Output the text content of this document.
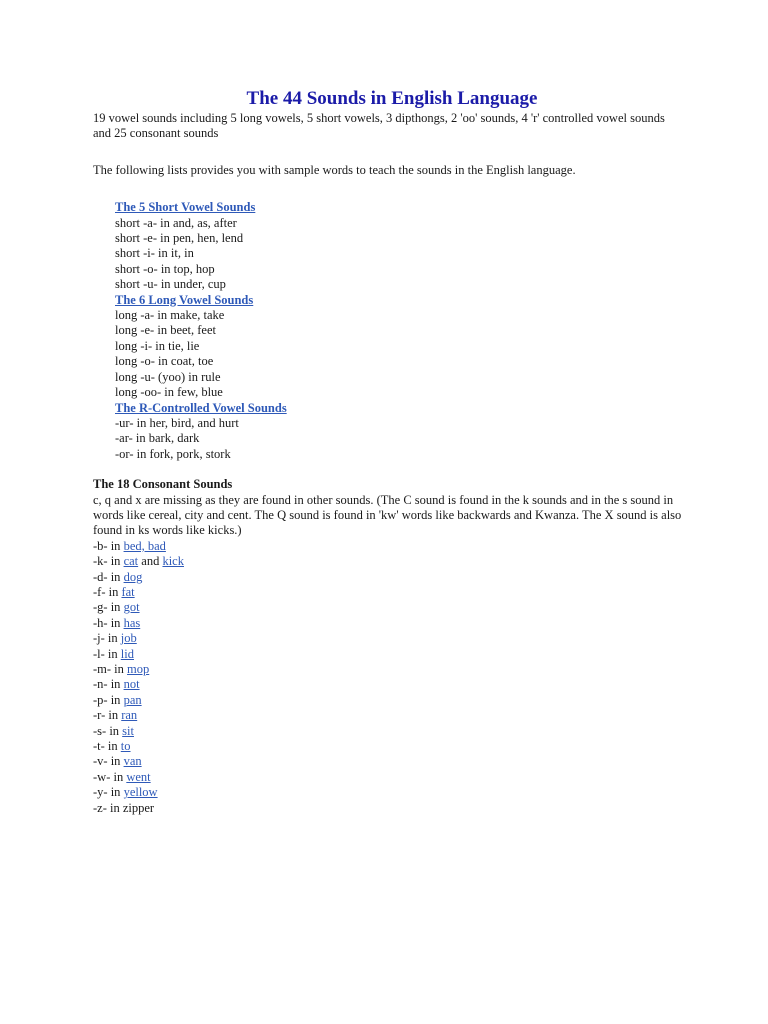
The 44 Sounds in English Language

19 vowel sounds including 5 long vowels, 5 short vowels, 3 dipthongs, 2 'oo' sounds, 4 'r' controlled vowel sounds and 25 consonant sounds

The following lists provides you with sample words to teach the sounds in the English language.

The 5 Short Vowel Sounds
short -a- in and, as, after
short -e- in pen, hen, lend
short -i- in it, in
short -o- in top, hop
short -u- in under, cup
The 6 Long Vowel Sounds
long -a- in make, take
long -e- in beet, feet
long -i- in tie, lie
long -o- in coat, toe
long -u- (yoo) in rule
long -oo- in few, blue
The R-Controlled Vowel Sounds
-ur- in her, bird, and hurt
-ar- in bark, dark
-or- in fork, pork, stork

The 18 Consonant Sounds

c, q and x are missing as they are found in other sounds. (The C sound is found in the k sounds and in the s sound in words like cereal, city and cent. The Q sound is found in 'kw' words like backwards and Kwanza. The X sound is also found in ks words like kicks.)

-b- in bed, bad
-k- in cat and kick
-d- in dog
-f- in fat
-g- in got
-h- in has
-j- in job
-l- in lid
-m- in mop
-n- in not
-p- in pan
-r- in ran
-s- in sit
-t- in to
-v- in van
-w- in went
-y- in yellow
-z- in zipper
